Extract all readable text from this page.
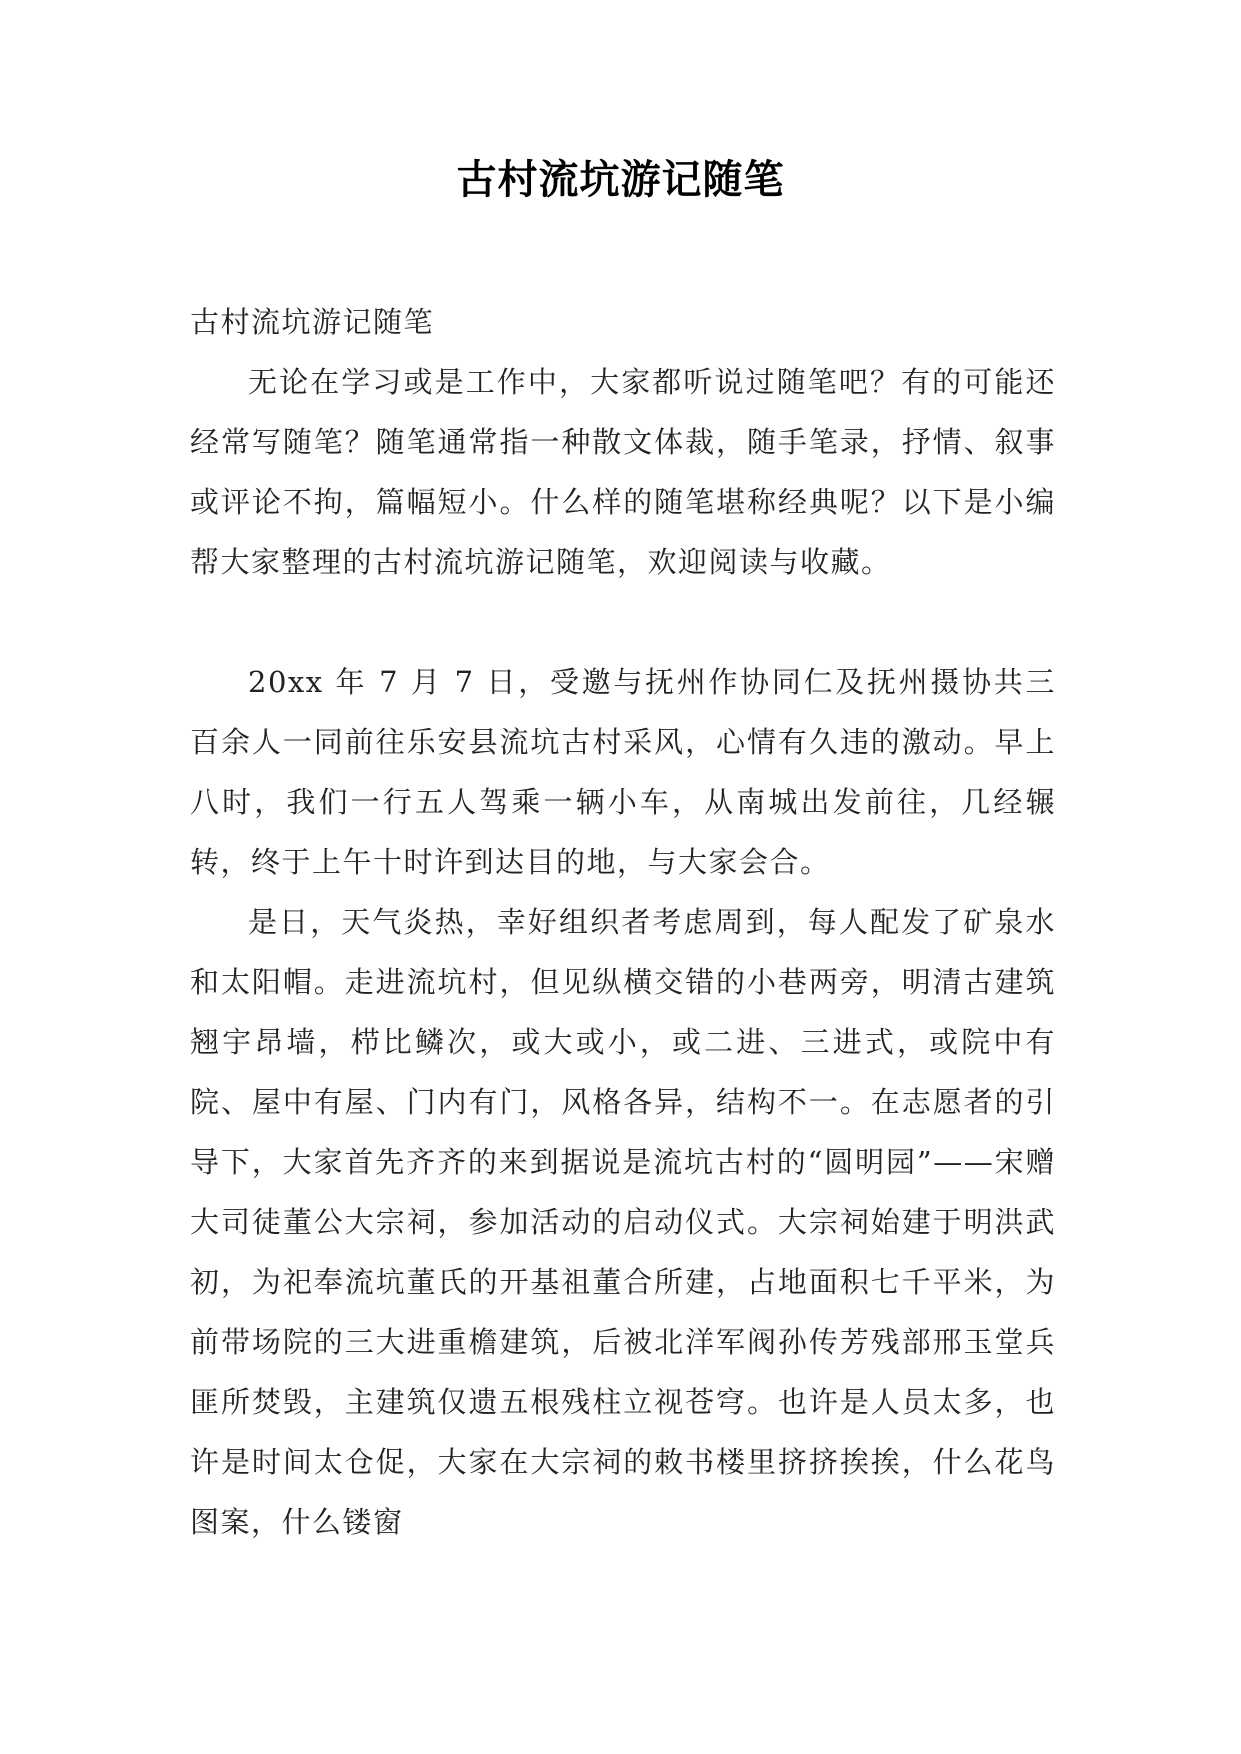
古村流坑游记随笔

古村流坑游记随笔

无论在学习或是工作中，大家都听说过随笔吧？有的可能还经常写随笔？随笔通常指一种散文体裁，随手笔录，抒情、叙事或评论不拘，篇幅短小。什么样的随笔堪称经典呢？以下是小编帮大家整理的古村流坑游记随笔，欢迎阅读与收藏。

20xx 年 7 月 7 日，受邀与抚州作协同仁及抚州摄协共三百余人一同前往乐安县流坑古村采风，心情有久违的激动。早上八时，我们一行五人驾乘一辆小车，从南城出发前往，几经辗转，终于上午十时许到达目的地，与大家会合。

是日，天气炎热，幸好组织者考虑周到，每人配发了矿泉水和太阳帽。走进流坑村，但见纵横交错的小巷两旁，明清古建筑翘宇昂墙，栉比鳞次，或大或小，或二进、三进式，或院中有院、屋中有屋、门内有门，风格各异，结构不一。在志愿者的引导下，大家首先齐齐的来到据说是流坑古村的“圆明园”——宋赠大司徒董公大宗祠，参加活动的启动仪式。大宗祠始建于明洪武初，为祀奉流坑董氏的开基祖董合所建，占地面积七千平米，为前带场院的三大进重檐建筑，后被北洋军阀孙传芳残部邢玉堂兵匪所焚毁，主建筑仅遗五根残柱立视苍穹。也许是人员太多，也许是时间太仓促，大家在大宗祠的敕书楼里挤挤挨挨，什么花鸟图案，什么镂窗
